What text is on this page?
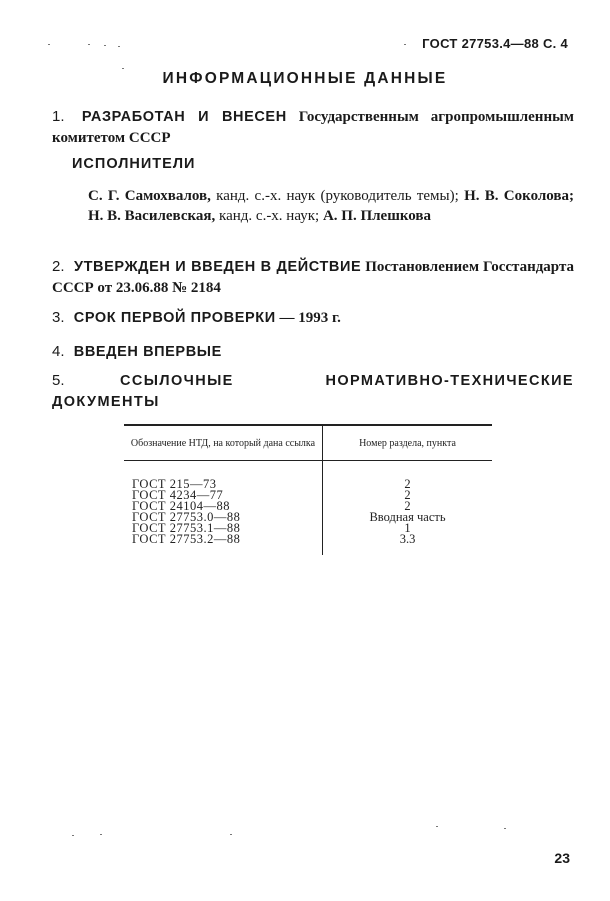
ГОСТ 27753.4—88 С. 4
ИНФОРМАЦИОННЫЕ ДАННЫЕ
1. РАЗРАБОТАН И ВНЕСЕН Государственным агропромышленным комитетом СССР
ИСПОЛНИТЕЛИ
С. Г. Самохвалов, канд. с.-х. наук (руководитель темы); Н. В. Соколова; Н. В. Василевская, канд. с.-х. наук; А. П. Плешкова
2. УТВЕРЖДЕН И ВВЕДЕН В ДЕЙСТВИЕ Постановлением Госстандарта СССР от 23.06.88 № 2184
3. СРОК ПЕРВОЙ ПРОВЕРКИ — 1993 г.
4. ВВЕДЕН ВПЕРВЫЕ
5.	ССЫЛОЧНЫЕ НОРМАТИВНО-ТЕХНИЧЕСКИЕ ДОКУМЕНТЫ
Обозначение НТД, на который дана ссылка	Номер раздела, пункта
ГОСТ 215—73	2
ГОСТ 4234—77	2
ГОСТ 24104—88	2
ГОСТ 27753.0—88	Вводная часть
ГОСТ 27753.1—88	1
ГОСТ 27753.2—88	3.3
23
